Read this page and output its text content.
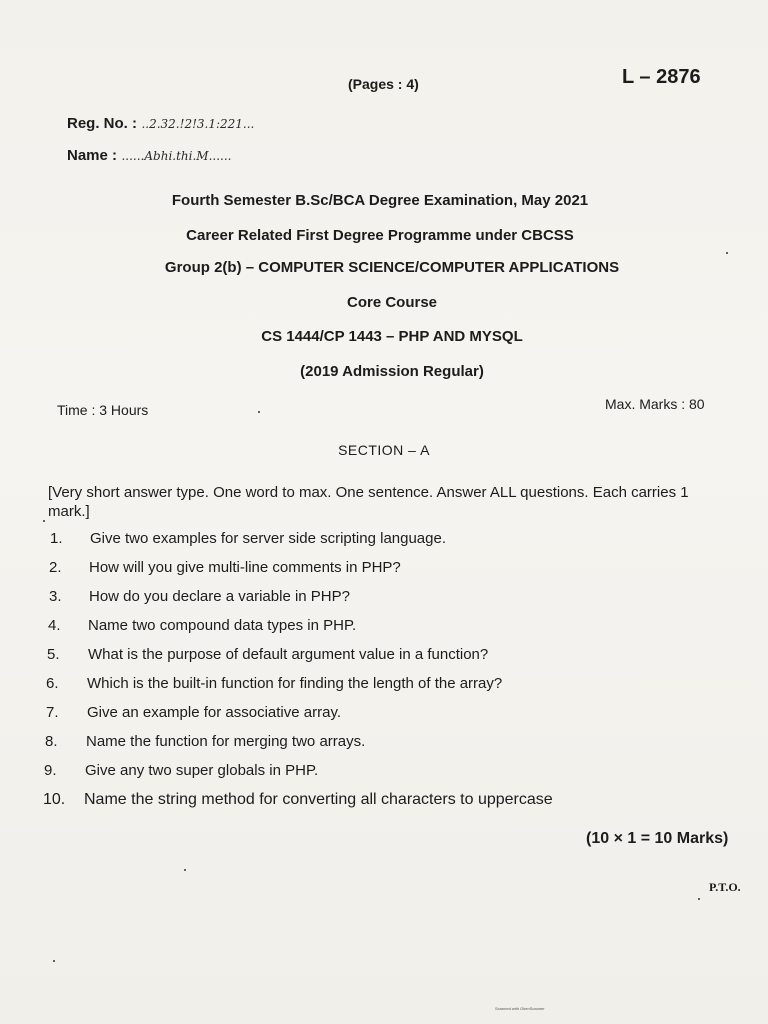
(Pages : 4)	L – 2876
Reg. No. : ..2.32.!2!3.1:221...
Name : ......Abhi.thi.M......
Fourth Semester B.Sc/BCA Degree Examination, May 2021
Career Related First Degree Programme under CBCSS
Group 2(b) – COMPUTER SCIENCE/COMPUTER APPLICATIONS
Core Course
CS 1444/CP 1443 – PHP AND MYSQL
(2019 Admission Regular)
Time : 3 Hours	Max. Marks : 80
SECTION – A
[Very short answer type. One word to max. One sentence. Answer ALL questions. Each carries 1 mark.]
1.	Give two examples for server side scripting language.
2.	How will you give multi-line comments in PHP?
3.	How do you declare a variable in PHP?
4.	Name two compound data types in PHP.
5.	What is the purpose of default argument value in a function?
6.	Which is the built-in function for finding the length of the array?
7.	Give an example for associative array.
8.	Name the function for merging two arrays.
9.	Give any two super globals in PHP.
10.	Name the string method for converting all characters to uppercase
(10 × 1 = 10 Marks)
P.T.O.
Scanned with OkenScanner
